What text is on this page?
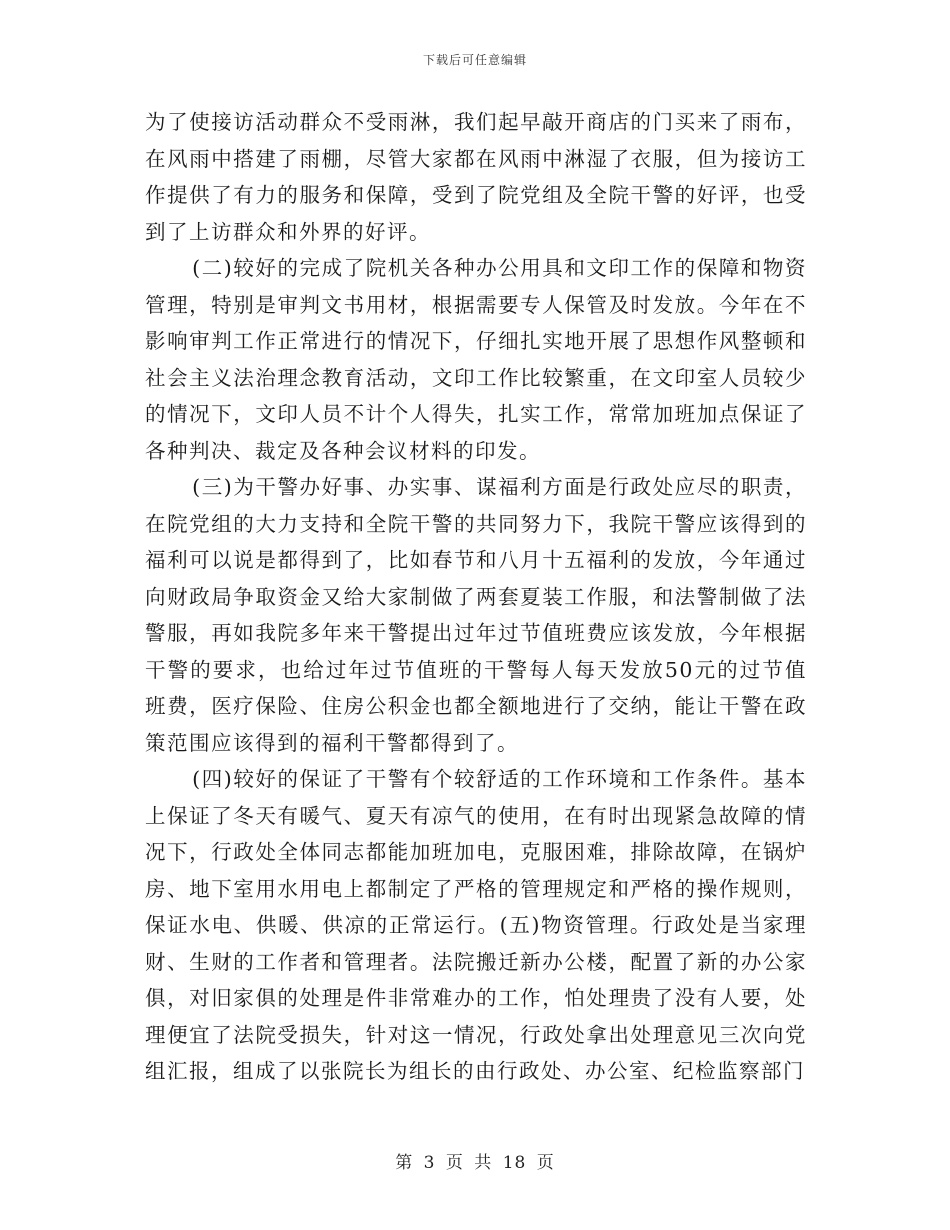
下载后可任意编辑

为了使接访活动群众不受雨淋，我们起早敲开商店的门买来了雨布，在风雨中搭建了雨棚，尽管大家都在风雨中淋湿了衣服，但为接访工作提供了有力的服务和保障，受到了院党组及全院干警的好评，也受到了上访群众和外界的好评。

(二)较好的完成了院机关各种办公用具和文印工作的保障和物资管理，特别是审判文书用材，根据需要专人保管及时发放。今年在不影响审判工作正常进行的情况下，仔细扎实地开展了思想作风整顿和社会主义法治理念教育活动，文印工作比较繁重，在文印室人员较少的情况下，文印人员不计个人得失，扎实工作，常常加班加点保证了各种判决、裁定及各种会议材料的印发。

(三)为干警办好事、办实事、谋福利方面是行政处应尽的职责，在院党组的大力支持和全院干警的共同努力下，我院干警应该得到的福利可以说是都得到了，比如春节和八月十五福利的发放，今年通过向财政局争取资金又给大家制做了两套夏装工作服，和法警制做了法警服，再如我院多年来干警提出过年过节值班费应该发放，今年根据干警的要求，也给过年过节值班的干警每人每天发放50元的过节值班费，医疗保险、住房公积金也都全额地进行了交纳，能让干警在政策范围应该得到的福利干警都得到了。

(四)较好的保证了干警有个较舒适的工作环境和工作条件。基本上保证了冬天有暖气、夏天有凉气的使用，在有时出现紧急故障的情况下，行政处全体同志都能加班加电，克服困难，排除故障，在锅炉房、地下室用水用电上都制定了严格的管理规定和严格的操作规则，保证水电、供暖、供凉的正常运行。(五)物资管理。行政处是当家理财、生财的工作者和管理者。法院搬迁新办公楼，配置了新的办公家俱，对旧家俱的处理是件非常难办的工作，怕处理贵了没有人要，处理便宜了法院受损失，针对这一情况，行政处拿出处理意见三次向党组汇报，组成了以张院长为组长的由行政处、办公室、纪检监察部门

第 3 页 共 18 页
